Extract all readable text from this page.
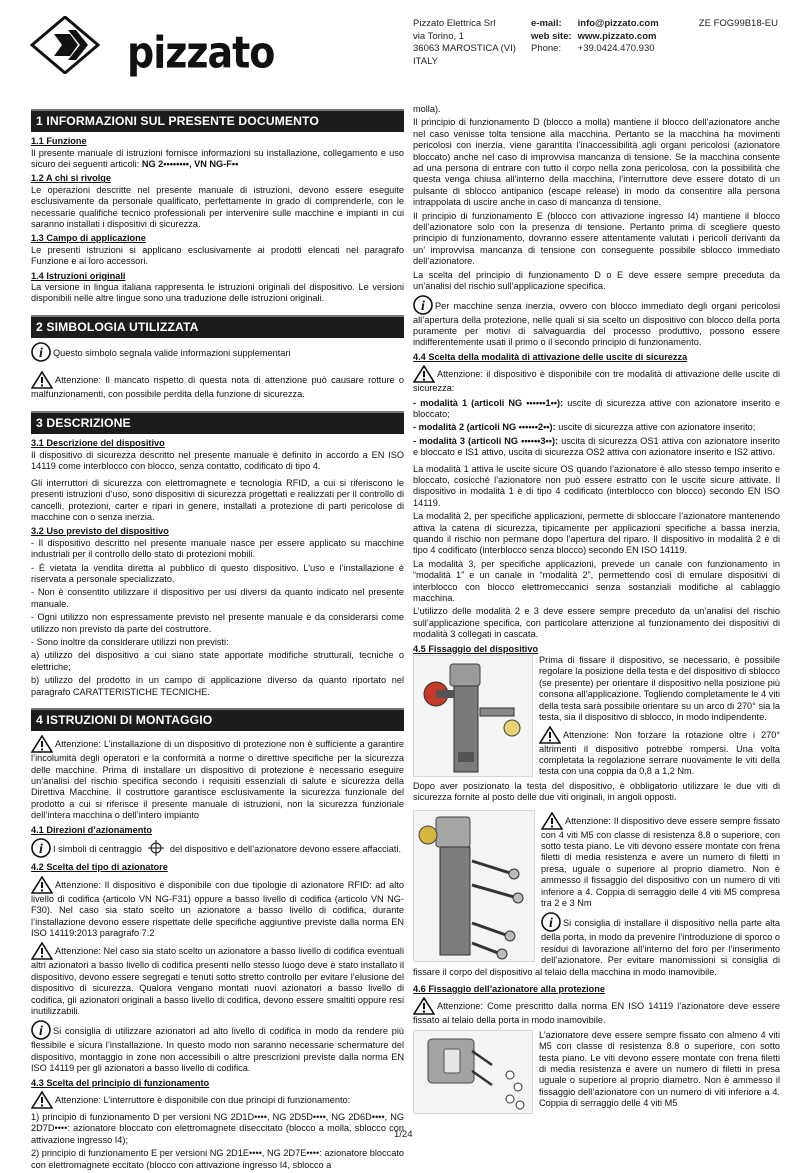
pizzato
Pizzato Elettrica Srl
via Torino, 1
36063 MAROSTICA (VI)
ITALY
e-mail: info@pizzato.com
web site: www.pizzato.com
Phone: +39.0424.470.930
ZE FOG99B18-EU
1 INFORMAZIONI SUL PRESENTE DOCUMENTO
1.1 Funzione

Il presente manuale di istruzioni fornisce informazioni su installazione, collegamento e uso sicuro dei seguenti articoli: NG 2••••••••, VN NG-F••

1.2 A chi si rivolge

Le operazioni descritte nel presente manuale di istruzioni, devono essere eseguite esclusivamente da personale qualificato, perfettamente in grado di comprenderle, con le necessarie qualifiche tecnico professionali per intervenire sulle macchine e impianti in cui saranno installati i dispositivi di sicurezza.

1.3 Campo di applicazione

Le presenti istruzioni si applicano esclusivamente ai prodotti elencati nel paragrafo Funzione e ai loro accessori.

1.4 Istruzioni originali

La versione in lingua italiana rappresenta le istruzioni originali del dispositivo. Le versioni disponibili nelle altre lingue sono una traduzione delle istruzioni originali.

2 SIMBOLOGIA UTILIZZATA
i Questo simbolo segnala valide informazioni supplementari
Attenzione: Il mancato rispetto di questa nota di attenzione può causare rotture o malfunzionamenti, con possibile perdita della funzione di sicurezza.
3 DESCRIZIONE
3.1 Descrizione del dispositivo

Il dispositivo di sicurezza descritto nel presente manuale è definito in accordo a EN ISO 14119 come interblocco con blocco, senza contatto, codificato di tipo 4.

Gli interruttori di sicurezza con elettromagnete e tecnologia RFID, a cui si riferiscono le presenti istruzioni d’uso, sono dispositivi di sicurezza progettati e realizzati per il controllo di cancelli, protezioni, carter e ripari in genere, installati a protezione di parti pericolose di macchine con o senza inerzia.

3.2 Uso previsto del dispositivo

- Il dispositivo descritto nel presente manuale nasce per essere applicato su macchine industriali per il controllo dello stato di protezioni mobili.

- È vietata la vendita diretta al pubblico di questo dispositivo. L’uso e l’installazione è riservata a personale specializzato.

- Non è consentito utilizzare il dispositivo per usi diversi da quanto indicato nel presente manuale.

- Ogni utilizzo non espressamente previsto nel presente manuale è da considerarsi come utilizzo non previsto da parte del costruttore.

- Sono inoltre da considerare utilizzi non previsti:

a) utilizzo del dispositivo a cui siano state apportate modifiche strutturali, tecniche o elettriche;

b) utilizzo del prodotto in un campo di applicazione diverso da quanto riportato nel paragrafo CARATTERISTICHE TECNICHE.

4 ISTRUZIONI DI MONTAGGIO
Attenzione: L’installazione di un dispositivo di protezione non è sufficiente a garantire l’incolumità degli operatori e la conformità a norme o direttive specifiche per la sicurezza delle macchine. Prima di installare un dispositivo di protezione è necessario eseguire un’analisi del rischio specifica secondo i requisiti essenziali di salute e sicurezza della Direttiva Macchine. Il costruttore garantisce esclusivamente la sicurezza funzionale del prodotto a cui si riferisce il presente manuale di istruzioni, non la sicurezza funzionale dell’intera macchina o dell’intero impianto
4.1 Direzioni d’azionamento
i I simboli di centraggio	del dispositivo e dell’azionatore devono essere affacciati.
4.2 Scelta del tipo di azionatore
Attenzione: Il dispositivo è disponibile con due tipologie di azionatore RFID: ad alto livello di codifica (articolo VN NG-F31) oppure a basso livello di codifica (articolo VN NG-F30). Nel caso sia stato scelto un azionatore a basso livello di codifica, durante l’installazione devono essere rispettate delle specifiche aggiuntive previste dalla norma EN ISO 14119:2013 paragrafo 7.2
Attenzione: Nel caso sia stato scelto un azionatore a basso livello di codifica eventuali altri azionatori a basso livello di codifica presenti nello stesso luogo deve è stato installato il dispositivo, devono essere segregati e tenuti sotto stretto controllo per evitare l’elusione del dispositivo di sicurezza. Qualora vengano montati nuovi azionatori a basso livello di codifica, gli azionatori originali a basso livello di codifica, devono essere smaltiti oppure resi inutilizzabili.
i Si consiglia di utilizzare azionatori ad alto livello di codifica in modo da rendere più flessibile e sicura l’installazione. In questo modo non saranno necessarie schermature del dispositivo, montaggio in zone non accessibili o altre prescrizioni previste dalla norma EN ISO 14119 per gli azionatori a basso livello di codifica.
4.3 Scelta del principio di funzionamento
Attenzione: L’interruttore è disponibile con due principi di funzionamento:

1) principio di funzionamento D per versioni NG 2D1D••••, NG 2D5D••••, NG 2D6D••••, NG 2D7D••••: azionatore bloccato con elettromagnete diseccitato (blocco a molla, sblocco con attivazione ingresso I4);

2) principio di funzionamento E per versioni NG 2D1E••••, NG 2D7E••••: azionatore bloccato con elettromagnete eccitato (blocco con attivazione ingresso I4, sblocco a

molla).

Il principio di funzionamento D (blocco a molla) mantiene il blocco dell’azionatore anche nel caso venisse tolta tensione alla macchina. Pertanto se la macchina ha movimenti pericolosi con inerzia, viene garantita l’inaccessibilità agli organi pericolosi (azionatore bloccato) anche nel caso di improvvisa mancanza di tensione. Se la macchina consente ad una persona di entrare con tutto il corpo nella zona pericolosa, con la possibilità che questa venga chiusa all’interno della macchina, l’interruttore deve essere dotato di un pulsante di sblocco antipanico (escape release) in modo da consentire alla persona intrappolata di uscire anche in caso di mancanza di tensione.

Il principio di funzionamento E (blocco con attivazione ingresso I4) mantiene il blocco dell’azionatore solo con la presenza di tensione. Pertanto prima di scegliere questo principio di funzionamento, dovranno essere attentamente valutati i pericoli derivanti da un’ improvvisa mancanza di tensione con conseguente possibile sblocco immediato dell’azionatore.

La scelta del principio di funzionamento D o E deve essere sempre preceduta da un’analisi del rischio sull’applicazione specifica.

i Per macchine senza inerzia, ovvero con blocco immediato degli organi pericolosi all’apertura della protezione, nelle quali si sia scelto un dispositivo con blocco della porta puramente per motivi di salvaguardia del processo produttivo, possono essere indifferentemente usati il primo o il secondo principio di funzionamento.
4.4 Scelta della modalità di attivazione delle uscite di sicurezza
Attenzione: il dispositivo è disponibile con tre modalità di attivazione delle uscite di sicurezza:

- modalità 1 (articoli NG ••••••1••): uscite di sicurezza attive con azionatore inserito e bloccato;

- modalità 2 (articoli NG ••••••2••): uscite di sicurezza attive con azionatore inserito;

- modalità 3 (articoli NG ••••••3••): uscita di sicurezza OS1 attiva con azionatore inserito e bloccato e IS1 attivo, uscita di sicurezza OS2 attiva con azionatore inserito e IS2 attivo.

La modalità 1 attiva le uscite sicure OS quando l’azionatore è allo stesso tempo inserito e bloccato, cosicché l’azionatore non può essere estratto con le uscite sicure attivate. Il dispositivo in modalità 1 è di tipo 4 codificato (interblocco con blocco) secondo EN ISO 14119.

La modalità 2, per specifiche applicazioni, permette di sbloccare l’azionatore mantenendo attiva la catena di sicurezza, tipicamente per applicazioni specifiche a bassa inerzia, quando il rischio non permane dopo l’apertura del riparo. Il dispositivo in modalità 2 è di tipo 4 codificato (interblocco senza blocco) secondo EN ISO 14119.

La modalità 3, per specifiche applicazioni, prevede un canale con funzionamento in “modalità 1” e un canale in “modalità 2”, permettendo così di emulare dispositivi di interblocco con blocco elettromeccanici senza sostanziali modifiche al cablaggio macchina.

L’utilizzo delle modalità 2 e 3 deve essere sempre preceduto da un’analisi del rischio sull’applicazione specifica, con particolare attenzione al funzionamento dei dispositivi di modalità 3 collegati in cascata.

4.5 Fissaggio del dispositivo

Prima di fissare il dispositivo, se necessario, è possibile regolare la posizione della testa e del dispositivo di sblocco (se presente) per orientare il dispositivo nella posizione più consona all’applicazione. Togliendo completamente le 4 viti della testa sarà possibile orientare su un arco di 270° sia la testa, sia il dispositivo di sblocco, in modo indipendente.

Attenzione: Non forzare la rotazione oltre i 270° altrimenti il dispositivo potrebbe rompersi. Una volta completata la regolazione serrare nuovamente le viti della testa con una coppia da 0,8 a 1,2 Nm.

Dopo aver posizionato la testa del dispositivo, è obbligatorio utilizzare le due viti di sicurezza fornite al posto delle due viti originali, in angoli opposti.

Attenzione: Il dispositivo deve essere sempre fissato con 4 viti M5 con classe di resistenza 8.8 o superiore, con sotto testa piano. Le viti devono essere montate con frena filetti di media resistenza e avere un numero di filetti in presa, uguale o superiore al proprio diametro. Non è ammesso il fissaggio del dispositivo con un numero di viti inferiore a 4. Coppia di serraggio delle 4 viti M5 compresa tra 2 e 3 Nm
i Si consiglia di installare il dispositivo nella parte alta della porta, in modo da prevenire l’introduzione di sporco o residui di lavorazione all’interno del foro per l’inserimento dell’azionatore. Per evitare manomissioni si consiglia di fissare il corpo del dispositivo al telaio della macchina in modo inamovibile.
4.6 Fissaggio dell’azionatore alla protezione
Attenzione: Come prescritto dalla norma EN ISO 14119 l’azionatore deve essere fissato al telaio della porta in modo inamovibile.

L’azionatore deve essere sempre fissato con almeno 4 viti M5 con classe di resistenza 8.8 o superiore, con sotto testa piano. Le viti devono essere montate con frena filetti di media resistenza e avere un numero di filetti in presa uguale o superiore al proprio diametro. Non è ammesso il fissaggio dell’azionatore con un numero di viti inferiore a 4. Coppia di serraggio delle 4 viti M5

1/24
